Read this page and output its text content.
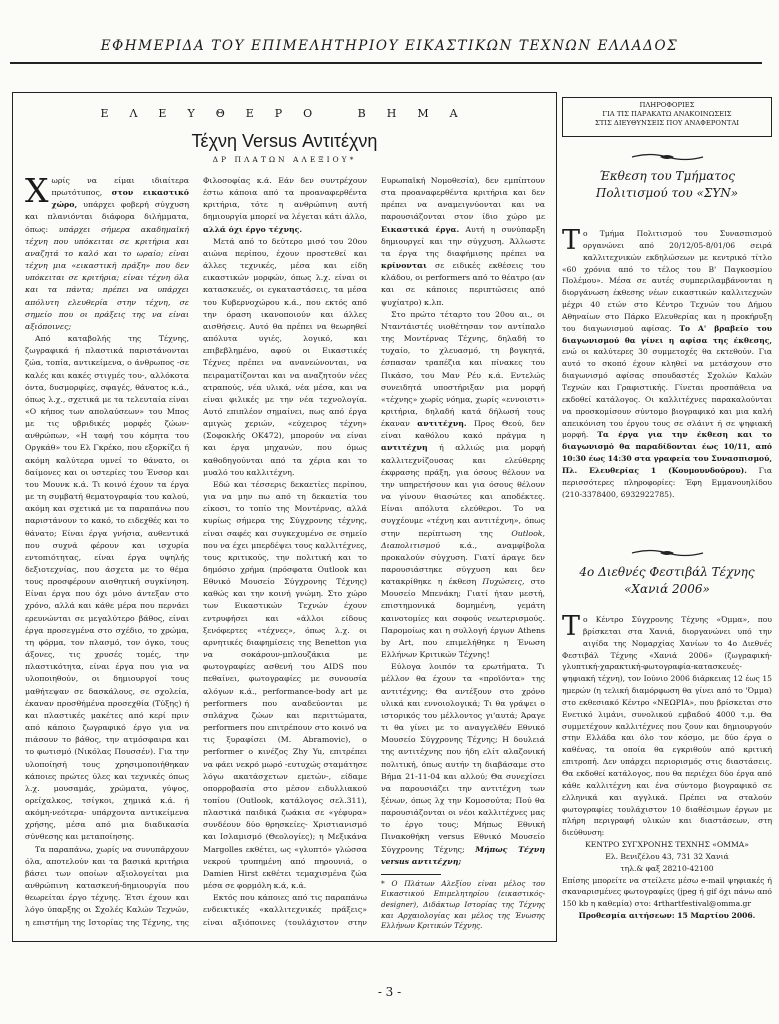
ΕΦΗΜΕΡΙΔΑ ΤΟΥ ΕΠΙΜΕΛΗΤΗΡΙΟΥ ΕΙΚΑΣΤΙΚΩΝ ΤΕΧΝΩΝ ΕΛΛΑΔΟΣ
ΕΛΕΥΘΕΡΟ ΒΗΜΑ
Τέχνη Versus Αντιτέχνη
ΔΡ ΠΛΑΤΩΝ ΑΛΕΞΙΟΥ*

Χωρίς να είμαι ιδιαίτερα πρωτότυπος, στον εικαστικό χώρο, υπάρχει φοβερή σύγχυση και πλανιόνται διάφορα διλήμματα, όπως: υπάρχει σήμερα ακαδημαϊκή τέχνη που υπόκειται σε κριτήρια και αναζητά το καλό και το ωραίο; είναι τέχνη μια «εικαστική πράξη» που δεν υπόκειται σε κριτήρια; είναι τέχνη όλα και τα πάντα; πρέπει να υπάρχει απόλυτη ελευθερία στην τέχνη, σε σημείο που οι πράξεις της να είναι αξιόποινες;

Από καταβολής της Τέχνης, ζωγραφικά ή πλαστικά παριστάνονται ζώα, τοπία, αντικείμενα, ο άνθρωπος -σε καλές και κακές στιγμές του-, αλλόκοτα όντα, δυσμορφίες, σφαγές, θάνατος κ.ά., όπως λ.χ., σχετικά με τα τελευταία είναι «Ο κήπος των απολαύσεων» του Μπος με τις υβριδικές μορφές ζώων-ανθρώπων, «Η ταφή του κόμητα του Οργκάθ» του Ελ Γκρέκο, που εξορκίζει ή ακόμη καλύτερα υμνεί το θάνατο, οι δαίμονες και οι υστερίες του Ένσορ και του Μουνκ κ.ά. Τι κοινό έχουν τα έργα με τη συμβατή θεματογραφία του καλού, ακόμη και σχετικά με τα παραπάνω που παριστάνουν το κακό, το ειδεχθές και το θάνατο; Είναι έργα γνήσια, αυθεντικά που συχνά φέρουν και ισχυρία εντοπιότητας, είναι έργα υψηλής δεξιοτεχνίας, που άσχετα με το θέμα τους προσφέρουν αισθητική συγκίνηση. Είναι έργα που όχι μόνο άντεξαν στο χρόνο, αλλά και κάθε μέρα που περνάει ερευνώνται σε μεγαλύτερο βάθος, είναι έργα προσεγμένα στο σχέδιο, το χρώμα, τη φόρμα, τον πλασμό, τον όγκο, τους άξονες, τις χρυσές τομές, την πλαστικότητα, είναι έργα που για να υλοποιηθούν, οι δημιουργοί τους μαθήτεψαν σε δασκάλους, σε σχολεία, έκαναν προσθήμένα προσεχθία (Τύξης) ή και πλαστικές μακέτες από κερί πριν από κάποιο ζωγραφικό έργο για να πιάσουν το βάθος, την ατμόσφαιρα και το φωτισμό (Νικόλας Πουσσέν). Για την υλοποίησή τους χρησιμοποιήθηκαν κάποιες πρώτες ύλες και τεχνικές όπως λ.χ. μουσαμάς, χρώματα, γύψος, ορείχαλκος, τσίγκοι, χημικά κ.ά. ή ακόμη-νεότερα- υπάρχοντα αντικείμενα χρήσης, μέσα από μια διαδικασία σύνθεσης και μεταποίησης.

Τα παραπάνω, χωρίς να συνυπάρχουν όλα, αποτελούν και τα βασικά κριτήρια βάσει των οποίων αξιολογείται μια ανθρώπινη κατασκευή-δημιουργία που θεωρείται έργο τέχνης. Έτσι έχουν και λόγο ύπαρξης οι Σχολές Καλών Τεχνών, η επιστήμη της Ιστορίας της Τέχνης, της Φιλοσοφίας κ.ά. Εάν δεν συντρέχουν έστω κάποια από τα προαναφερθέντα κριτήρια, τότε η ανθρώπινη αυτή δημιουργία μπορεί να λέγεται κάτι άλλο, αλλά όχι έργο τέχνης.

Μετά από το δεύτερο μισό του 20ου αιώνα περίπου, έχουν προστεθεί και άλλες τεχνικές, μέσα και είδη εικαστικών μορφών, όπως λ.χ. είναι οι κατασκευές, οι εγκαταστάσεις, τα μέσα του Κυβερνοχώρου κ.ά., που εκτός από την όραση ικανοποιούν και άλλες αισθήσεις. Αυτό θα πρέπει να θεωρηθεί απόλυτα υγιές, λογικό, και επιβεβλημένο, αφού οι Εικαστικές Τέχνες πρέπει να ανανεώνονται, να πειραματίζονται και να αναζητούν νέες ατραπούς, νέα υλικά, νέα μέσα, και να είναι φιλικές με την νέα τεχνολογία. Αυτό επιπλέον σημαίνει, πως από έργα αμιγώς χεριών, «εύχειρος τέχνη» (Σοφοκλής ΟΚ472), μπορούν να είναι και έργα μηχανών, που όμως καθοδηγούνται από τα χέρια και το μυαλό του καλλιτέχνη.

Εδώ και τέσσερις δεκαετίες περίπου, για να μην πω από τη δεκαετία του είκοσι, το τοπίο της Μοντέρνας, αλλά κυρίως σήμερα της Σύγχρονης τέχνης, είναι σαφές και συγκεχυμένο σε σημείο που να έχει μπερδέψει τους καλλιτέχνες, τους κριτικούς, την πολιτική και το δημόσιο χρήμα (πρόσφατα Outlook και Εθνικό Μουσείο Σύγχρονης Τέχνης) καθώς και την κοινή γνώμη. Στο χώρο των Εικαστικών Τεχνών έχουν εντρυφήσει και «άλλοι είδους ξενόφερτες «τέχνες», όπως λ.χ. οι αρνητικές διαφημίσεις της Benetton για να σοκάρουν-μπλουζάκια με φωτογραφίες ασθενή του AIDS που πεθαίνει, φωτογραφίες με συνουσία αλόγων κ.ά., performance-body art με performers που αναδεύονται με σπλάχνα ζώων και περιττώματα, performers που επιτρέπουν στο κοινό να τις ξυραφίσει (M. Abramovic), ο performer ο κινέζος Zhy Yu, επιτρέπει να φάει νεκρό μωρό -ευτυχώς σταμάτησε λόγω ακατάσχετων εμετών-, είδαμε οπορροβασία στο μέσον ειδυλλιακού τοπίου (Outlook, κατάλογος σελ.311), πλαστικά παιδικά ζωάκια σε «γέφυρα» συνδέουν δύο θρησκείες- Χριστιανισμό και Ισλαμισμό (Θεολογίες); η Μεξικάνα Margolles εκθέτει, ως «γλυπτό» γλώσσα νεκρού τρυπημένη από πηρουνιά, ο Damien Hirst εκθέτει τεμαχισμένα ζώα μέσα σε φορμόλη κ.ά, κ.ά.

Εκτός που κάποιες από τις παραπάνω ενδεικτικές «καλλιτεχνικές πράξεις» είναι αξιόποινες (τουλάχιστον στην Ευρωπαϊκή Νομοθεσία), δεν εμπίπτουν στα προαναφερθέντα κριτήρια και δεν πρέπει να αναμειγνύονται και να παρουσιάζονται στον ίδιο χώρο με Εικαστικά έργα. Αυτή η συνύπαρξη δημιουργεί και την σύγχυση. Άλλωστε τα έργα της διαφήμισης πρέπει να κρίνονται σε ειδικές εκθέσεις του κλάδου, οι performers από το θέατρο (αν και σε κάποιες περιπτώσεις από ψυχίατρο) κ.λπ.

Στο πρώτο τέταρτο του 20ου αι., οι Νταντάιστές υιοθέτησαν τον αντίπαλο της Μοντέρνας Τέχνης, δηλαδή το τυχαίο, το χλευασμό, τη βογκητά, έσπασαν τραπέζια και πίνακες του Πικάσο, του Μαν Ρέυ κ.ά. Εντελώς συνειδητά υποστήριξαν μια μορφή «τέχνης» χωρίς νόημα, χωρίς «εννοιστι» κριτήρια, δηλαδή κατά δήλωσή τους έκαναν αντιτέχνη. Προς Θεού, δεν είναι καθόλου κακό πράγμα η αντιτέχνη ή αλλιώς μια μορφή καλλιτεχνίζουσας και ελεύθερης έκφρασης πράξη, για όσους θέλουν να την υπηρετήσουν και για όσους θέλουν να γίνουν θιασώτες και αποδέκτες. Είναι απόλυτα ελεύθεροι. Το να συγχέουμε «τέχνη και αντιτέχνη», όπως στην περίπτωση της Outlook, Διαπολιτισμού κ.ά., αναμφίβολα προκαλούν σύγχυση. Γιατί άραγε δεν παρουσιάστηκε σύγχυση και δεν κατακρίθηκε η έκθεση Πυχώσεις, στο Μουσείο Μπενάκη; Γιατί ήταν μεστή, επιστημονικά δομημένη, γεμάτη καινοτομίες και σοφούς νεωτερισμούς. Παρομοίως και η συλλογή έργων Athens by Art, που επιμελήθηκε η Ένωση Ελλήνων Κριτικών Τέχνης!

Εύλογα λοιπόν τα ερωτήματα. Τι μέλλον θα έχουν τα «προϊόντα» της αντιτέχνης; Θα αντέξουν στο χρόνο υλικά και εννοιολογικά; Τι θα γράψει ο ιστορικός του μέλλοντος γι'αυτά; Άραγε τι θα γίνει με το αναγγελθέν Εθνικό Μουσείο Σύγχρονης Τέχνης; Η δουλειά της αντιτέχνης που ήδη ελίτ αλαζονική πολιτική, όπως αυτήν τη διαβάσαμε στο Βήμα 21-11-04 και αλλού; Θα συνεχίσει να παρουσιάζει την αντιτέχνη των ξένων, όπως λχ την Κομοσούτα; Πού θα παρουσιάζονται οι νέοι καλλιτέχνες μας το έργο τους; Μήπως Εθνική Πινακοθήκη versus Εθνικό Μουσείο Σύγχρονης Τέχνης; Μήπως Τέχνη versus αντιτέχνη;

* Ο Πλάτων Αλεξίου είναι μέλος του Εικαστικού Επιμελητηρίου (εικαστικός-designer), Διδάκτωρ Ιστορίας της Τέχνης και Αρχαιολογίας και μέλος της Ένωσης Ελλήνων Κριτικών Τέχνης.

ΠΛΗΡΟΦΟΡΙΕΣ
ΓΙΑ ΤΙΣ ΠΑΡΑΚΑΤΩ ΑΝΑΚΟΙΝΩΣΕΙΣ
ΣΤΙΣ ΔΙΕΥΘΥΝΣΕΙΣ ΠΟΥ ΑΝΑΦΕΡΟΝΤΑΙ
Έκθεση του Τμήματος
Πολιτισμού του «ΣΥΝ»

Το Τμήμα Πολιτισμού του Συνασπισμού οργανώνει από 20/12/05-8/01/06 σειρά καλλιτεχνικών εκδηλώσεων με κεντρικό τίτλο «60 χρόνια από το τέλος του Β' Παγκοσμίου Πολέμου». Μέσα σε αυτές συμπεριλαμβάνονται η διοργάνωση έκθεσης νέων εικαστικών καλλιτεχνών μέχρι 40 ετών στο Κέντρο Τεχνών του Δήμου Αθηναίων στο Πάρκο Ελευθερίας και η προκήρυξη του διαγωνισμού αφίσας. Το Α' βραβείο του διαγωνισμού θα γίνει η αφίσα της έκθεσης, ενώ οι καλύτερες 30 συμμετοχές θα εκτεθούν. Για αυτό το σκοπό έχουν κληθεί να μετάσχουν στο διαγωνισμό αφίσας σπουδαστές Σχολών Καλών Τεχνών και Γραφιστικής. Γίνεται προσπάθεια να εκδοθεί κατάλογος. Οι καλλιτέχνες παρακαλούνται να προσκομίσουν σύντομο βιογραφικό και μια καλή απεικόνιση του έργου τους σε σλάιντ ή σε ψηφιακή μορφή. Τα έργα για την έκθεση και το διαγωνισμό θα παραδίδονται έως 10/11, από 10:30 έως 14:30 στα γραφεία του Συνασπισμού, Πλ. Ελευθερίας 1 (Κουμουνδούρου). Για περισσότερες πληροφορίες: Έφη Εμμανουηλίδου (210-3378400, 6932922785).

4ο Διεθνές Φεστιβάλ Τέχνης
«Χανιά 2006»

Το Κέντρο Σύγχρονης Τέχνης «Όμμα», που βρίσκεται στα Χανιά, διοργανώνει υπό την αιγίδα της Νομαρχίας Χανίων το 4ο Διεθνές Φεστιβάλ Τέχνης «Χανιά 2006» (ζωγραφική-γλυπτική-χαρακτική-φωτογραφία-κατασκευές-ψηφιακή τέχνη), τον Ιούνιο 2006 διάρκειας 12 έως 15 ημερών (η τελική διαμόρφωση θα γίνει από το 'Όμμα) στο εκθεσιακό Κέντρο «ΝΕΩΡΙΑ», που βρίσκεται στο Ενετικό λιμάνι, συνολικού εμβαδού 4000 τ.μ. Θα συμμετέχουν καλλιτέχνες που ζουν και δημιουργούν στην Ελλάδα και όλο τον κόσμο, με δύο έργα ο καθένας, τα οποία θα εγκριθούν από κριτική επιτροπή. Δεν υπάρχει περιορισμός στις διαστάσεις. Θα εκδοθεί κατάλογος, που θα περιέχει δύο έργα από κάθε καλλιτέχνη και ένα σύντομο βιογραφικό σε ελληνικά και αγγλικά. Πρέπει να σταλούν φωτογραφίες τουλάχιστον 10 διαθέσιμων έργων με πλήρη περιγραφή υλικών και διαστάσεων, στη διεύθυνση:

ΚΕΝΤΡΟ ΣΥΓΧΡΟΝΗΣ ΤΕΧΝΗΣ «ΟΜΜΑ»
Ελ. Βενιζέλου 43, 731 32 Χανιά
τηλ.& φαξ 28210-42100

Επίσης μπορείτε να στείλετε μέσω e-mail ψηφιακές ή σκαναρισμένες φωτογραφίες (jpeg ή gif όχι πάνω από 150 kb η καθεμία) στο: 4rthartfestival@omma.gr

Προθεσμία αιτήσεων: 15 Μαρτίου 2006.
- 3 -
